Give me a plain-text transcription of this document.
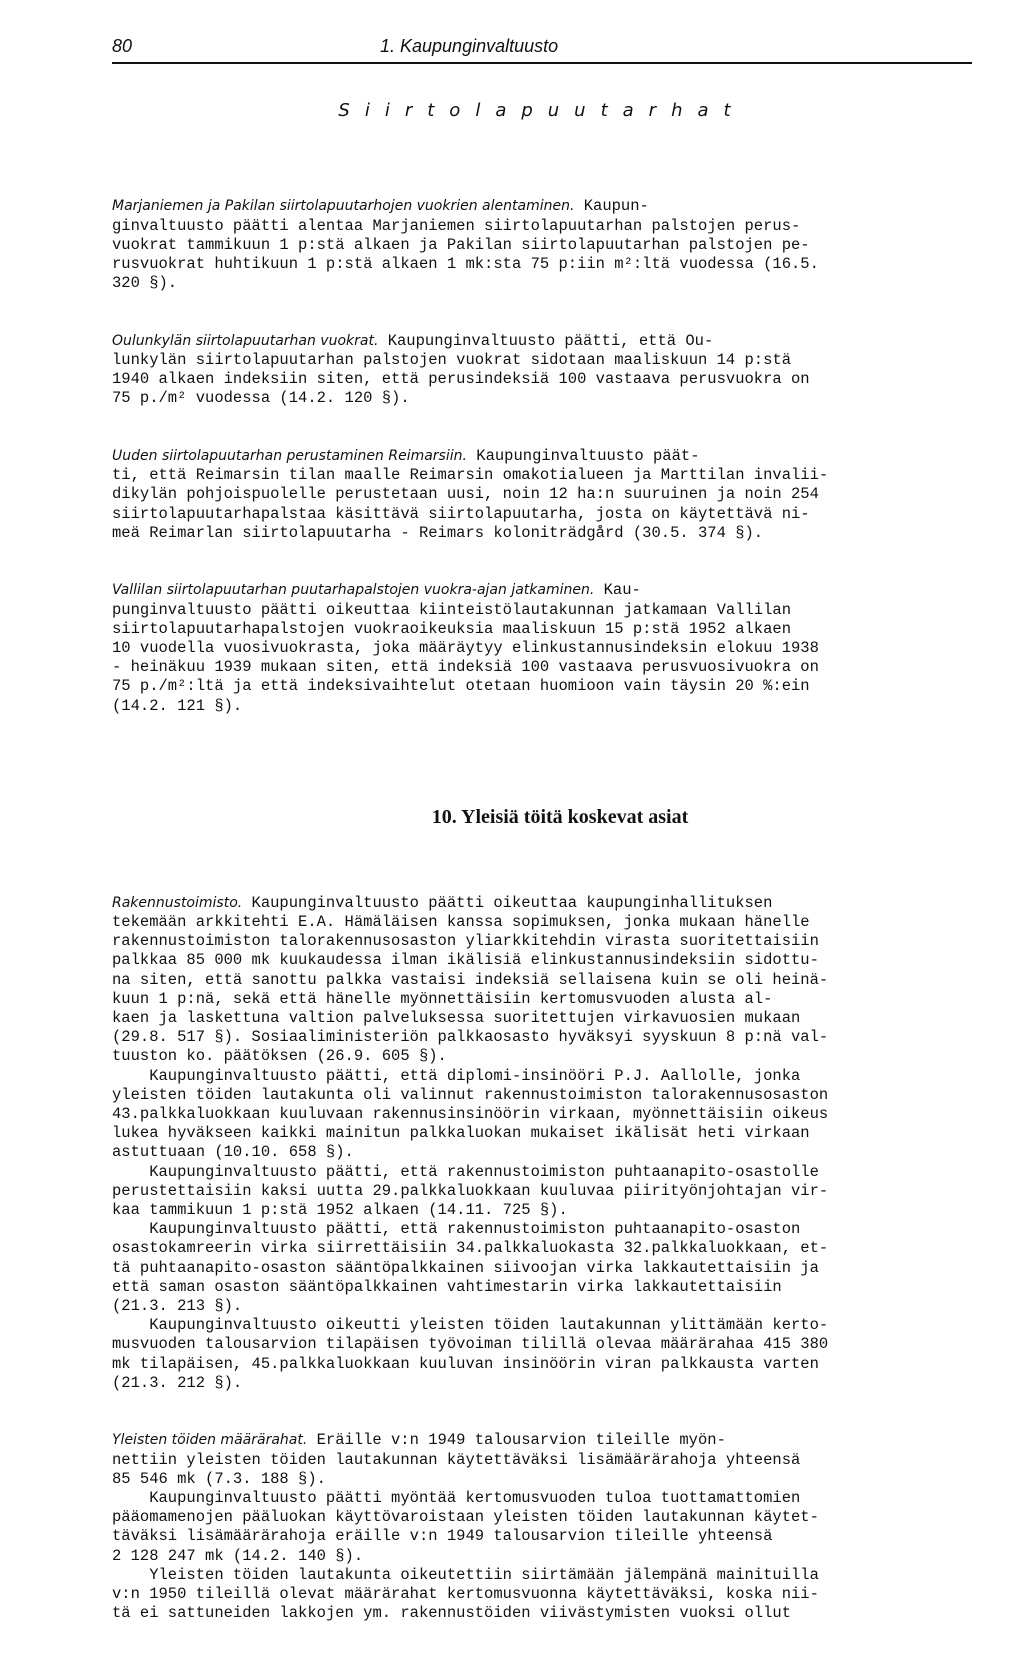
80	1. Kaupunginvaltuusto
Siirtolapuutarhat

Marjaniemen ja Pakilan siirtolapuutarhojen vuokrien alentaminen. Kaupun-
ginvaltuusto päätti alentaa Marjaniemen siirtolapuutarhan palstojen perus-
vuokrat tammikuun 1 p:stä alkaen ja Pakilan siirtolapuutarhan palstojen pe-
rusvuokrat huhtikuun 1 p:stä alkaen 1 mk:sta 75 p:iin m²:ltä vuodessa (16.5.
320 §).

Oulunkylän siirtolapuutarhan vuokrat. Kaupunginvaltuusto päätti, että Ou-
lunkylän siirtolapuutarhan palstojen vuokrat sidotaan maaliskuun 14 p:stä
1940 alkaen indeksiin siten, että perusindeksiä 100 vastaava perusvuokra on
75 p./m² vuodessa (14.2. 120 §).

Uuden siirtolapuutarhan perustaminen Reimarsiin. Kaupunginvaltuusto päät-
ti, että Reimarsin tilan maalle Reimarsin omakotialueen ja Marttilan invalii-
dikylän pohjoispuolelle perustetaan uusi, noin 12 ha:n suuruinen ja noin 254
siirtolapuutarhapalstaa käsittävä siirtolapuutarha, josta on käytettävä ni-
meä Reimarlan siirtolapuutarha - Reimars koloniträdgård (30.5. 374 §).

Vallilan siirtolapuutarhan puutarhapalstojen vuokra-ajan jatkaminen. Kau-
punginvaltuusto päätti oikeuttaa kiinteistölautakunnan jatkamaan Vallilan
siirtolapuutarhapalstojen vuokraoikeuksia maaliskuun 15 p:stä 1952 alkaen
10 vuodella vuosivuokrasta, joka määräytyy elinkustannusindeksin elokuu 1938
- heinäkuu 1939 mukaan siten, että indeksiä 100 vastaava perusvuosivuokra on
75 p./m²:ltä ja että indeksivaihtelut otetaan huomioon vain täysin 20 %:ein
(14.2. 121 §).

10. Yleisiä töitä koskevat asiat

Rakennustoimisto. Kaupunginvaltuusto päätti oikeuttaa kaupunginhallituksen
tekemään arkkitehti E.A. Hämäläisen kanssa sopimuksen, jonka mukaan hänelle
rakennustoimiston talorakennusosaston yliarkkitehdin virasta suoritettaisiin
palkkaa 85 000 mk kuukaudessa ilman ikälisiä elinkustannusindeksiin sidottu-
na siten, että sanottu palkka vastaisi indeksiä sellaisena kuin se oli heinä-
kuun 1 p:nä, sekä että hänelle myönnettäisiin kertomusvuoden alusta al-
kaen ja laskettuna valtion palveluksessa suoritettujen virkavuosien mukaan
(29.8. 517 §). Sosiaaliministeriön palkkaosasto hyväksyi syyskuun 8 p:nä val-
tuuston ko. päätöksen (26.9. 605 §).
Kaupunginvaltuusto päätti, että diplomi-insinööri P.J. Aallolle, jonka
yleisten töiden lautakunta oli valinnut rakennustoimiston talorakennusosaston
43.palkkaluokkaan kuuluvaan rakennusinsinöörin virkaan, myönnettäisiin oikeus
lukea hyväkseen kaikki mainitun palkkaluokan mukaiset ikälisät heti virkaan
astuttuaan (10.10. 658 §).
Kaupunginvaltuusto päätti, että rakennustoimiston puhtaanapito-osastolle
perustettaisiin kaksi uutta 29.palkkaluokkaan kuuluvaa piirityönjohtajan vir-
kaa tammikuun 1 p:stä 1952 alkaen (14.11. 725 §).
Kaupunginvaltuusto päätti, että rakennustoimiston puhtaanapito-osaston
osastokamreerin virka siirrettäisiin 34.palkkaluokasta 32.palkkaluokkaan, et-
tä puhtaanapito-osaston sääntöpalkkainen siivoojan virka lakkautettaisiin ja
että saman osaston sääntöpalkkainen vahtimestarin virka lakkautettaisiin
(21.3. 213 §).
Kaupunginvaltuusto oikeutti yleisten töiden lautakunnan ylittämään kerto-
musvuoden talousarvion tilapäisen työvoiman tilillä olevaa määrärahaa 415 380
mk tilapäisen, 45.palkkaluokkaan kuuluvan insinöörin viran palkkausta varten
(21.3. 212 §).

Yleisten töiden määrärahat. Eräille v:n 1949 talousarvion tileille myön-
nettiin yleisten töiden lautakunnan käytettäväksi lisämäärärahoja yhteensä
85 546 mk (7.3. 188 §).
Kaupunginvaltuusto päätti myöntää kertomusvuoden tuloa tuottamattomien
pääomamenojen pääluokan käyttövaroistaan yleisten töiden lautakunnan käytet-
täväksi lisämäärärahoja eräille v:n 1949 talousarvion tileille yhteensä
2 128 247 mk (14.2. 140 §).
Yleisten töiden lautakunta oikeutettiin siirtämään jälempänä mainituilla
v:n 1950 tileillä olevat määrärahat kertomusvuonna käytettäväksi, koska nii-
tä ei sattuneiden lakkojen ym. rakennustöiden viivästymisten vuoksi ollut
